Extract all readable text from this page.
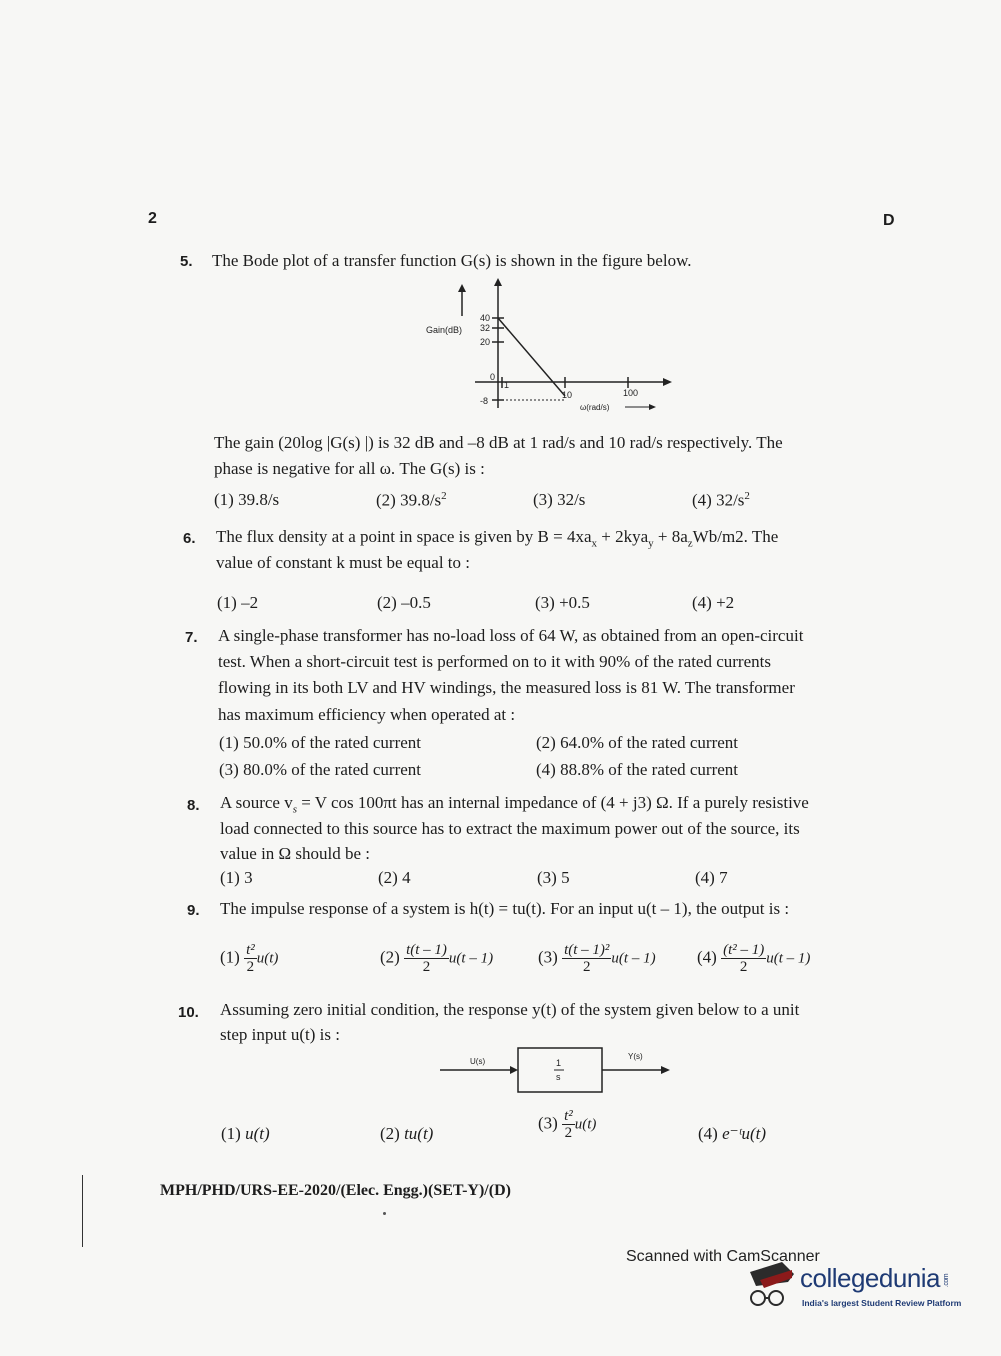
2	D
5. The Bode plot of a transfer function G(s) is shown in the figure below.
Gain(dB)
40
32
20
0
-8
1
10	100
ω(rad/s)
The gain (20log |G(s) |) is 32 dB and –8 dB at 1 rad/s and 10 rad/s respectively. The
phase is negative for all ω. The G(s) is :
(1) 39.8/s	(2) $39.8/s^2$	(3) 32/s	(4) $32/s^2$
6. The flux density at a point in space is given by $B = 4xa_x + 2kya_y + 8a_zWb/m2$. The
value of constant k must be equal to :
(1) –2	(2) –0.5	(3) +0.5	(4) +2
7. A single-phase transformer has no-load loss of 64 W, as obtained from an open-circuit
test. When a short-circuit test is performed on to it with 90% of the rated currents
flowing in its both LV and HV windings, the measured loss is 81 W. The transformer
has maximum efficiency when operated at :
(1) 50.0% of the rated current	(2) 64.0% of the rated current
(3) 80.0% of the rated current	(4) 88.8% of the rated current
8. A source $v_s = V$ cos 100πt has an internal impedance of (4 + j3) Ω. If a purely resistive
load connected to this source has to extract the maximum power out of the source, its
value in Ω should be :
(1) 3	(2) 4	(3) 5	(4) 7
9. The impulse response of a system is h(t) = tu(t). For an input u(t – 1), the output is :
$(1) \frac{\text{t²}}{2} u(t)$	$(2) \frac{t(t - 1)}{2} u(t - 1)$	$(3) \frac{\text{t(t – 1)²}}{2} u(t - 1)$ $(4) \frac{\text{(t² – 1)}}{2} u(t - 1)$
10. Assuming zero initial condition, the response y(t) of the system given below to a unit
step input u(t) is :
U(s)
Y(s)
1
s
(1) u(t)	(2) tu(t)
$(3) \frac{\text{t²}}{2} u(t)$	(4) e⁻ᵗu(t)
MPH/PHD/URS-EE-2020/(Elec. Engg.)(SET-Y)/(D)
Scanned with CamScanner
collegedunia .com
India's largest Student Review Platform
